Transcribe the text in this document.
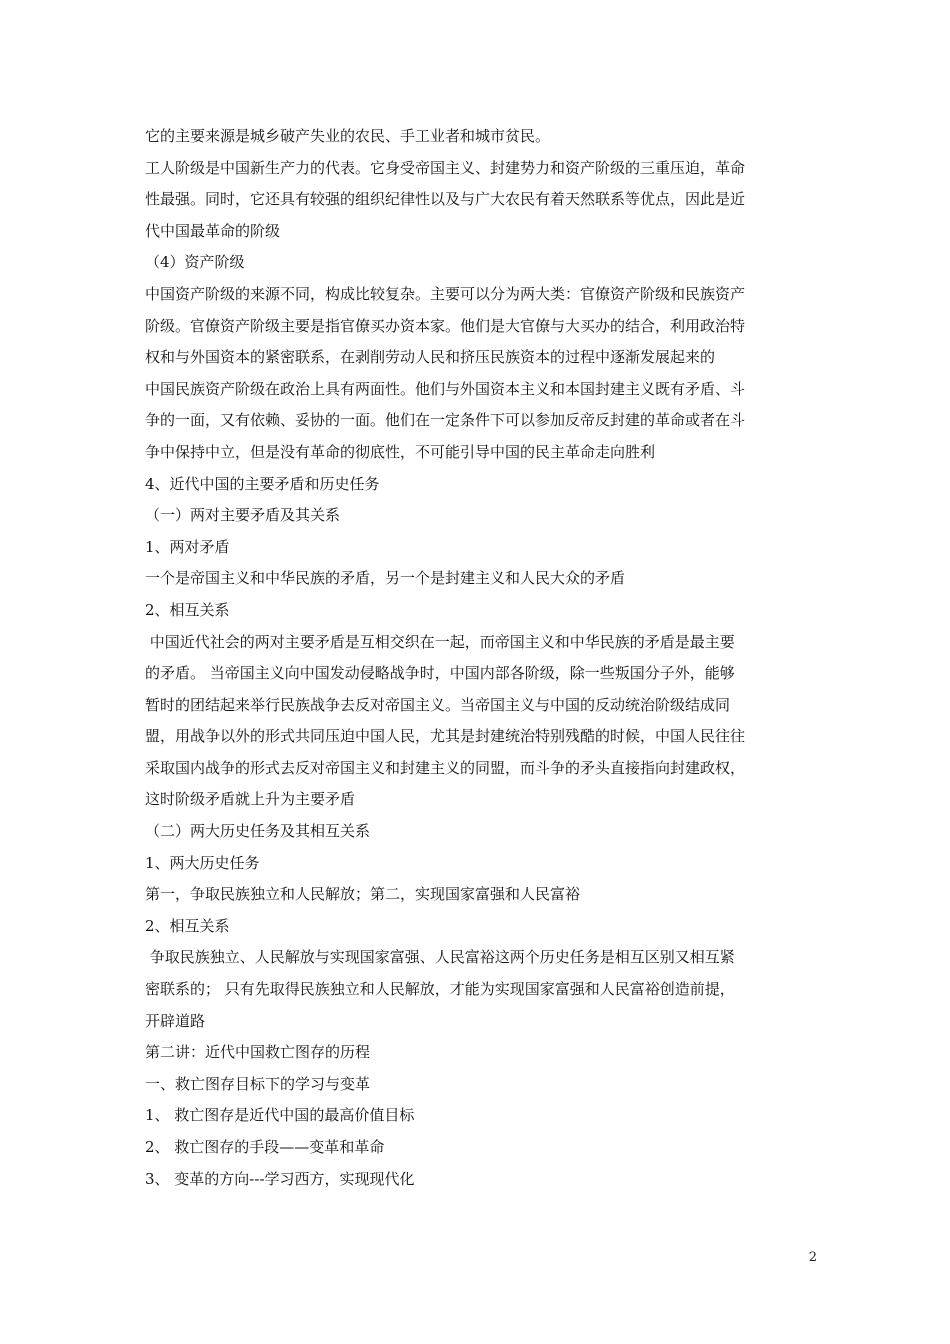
它的主要来源是城乡破产失业的农民、手工业者和城市贫民。
工人阶级是中国新生产力的代表。它身受帝国主义、封建势力和资产阶级的三重压迫，革命
性最强。同时，它还具有较强的组织纪律性以及与广大农民有着天然联系等优点，因此是近
代中国最革命的阶级
（4）资产阶级
中国资产阶级的来源不同，构成比较复杂。主要可以分为两大类：官僚资产阶级和民族资产
阶级。官僚资产阶级主要是指官僚买办资本家。他们是大官僚与大买办的结合，利用政治特
权和与外国资本的紧密联系，在剥削劳动人民和挤压民族资本的过程中逐渐发展起来的
中国民族资产阶级在政治上具有两面性。他们与外国资本主义和本国封建主义既有矛盾、斗
争的一面，又有依赖、妥协的一面。他们在一定条件下可以参加反帝反封建的革命或者在斗
争中保持中立，但是没有革命的彻底性，不可能引导中国的民主革命走向胜利
4、近代中国的主要矛盾和历史任务
（一）两对主要矛盾及其关系
1、两对矛盾
一个是帝国主义和中华民族的矛盾，另一个是封建主义和人民大众的矛盾
2、相互关系
中国近代社会的两对主要矛盾是互相交织在一起，而帝国主义和中华民族的矛盾是最主要
的矛盾。 当帝国主义向中国发动侵略战争时，中国内部各阶级，除一些叛国分子外，能够
暂时的团结起来举行民族战争去反对帝国主义。当帝国主义与中国的反动统治阶级结成同
盟，用战争以外的形式共同压迫中国人民，尤其是封建统治特别残酷的时候，中国人民往往
采取国内战争的形式去反对帝国主义和封建主义的同盟，而斗争的矛头直接指向封建政权，
这时阶级矛盾就上升为主要矛盾
（二）两大历史任务及其相互关系
1、两大历史任务
第一，争取民族独立和人民解放；第二，实现国家富强和人民富裕
2、相互关系
争取民族独立、人民解放与实现国家富强、人民富裕这两个历史任务是相互区别又相互紧
密联系的； 只有先取得民族独立和人民解放，才能为实现国家富强和人民富裕创造前提，
开辟道路
第二讲：近代中国救亡图存的历程
一、救亡图存目标下的学习与变革
1、 救亡图存是近代中国的最高价值目标
2、 救亡图存的手段——变革和革命
3、 变革的方向---学习西方，实现现代化
2
